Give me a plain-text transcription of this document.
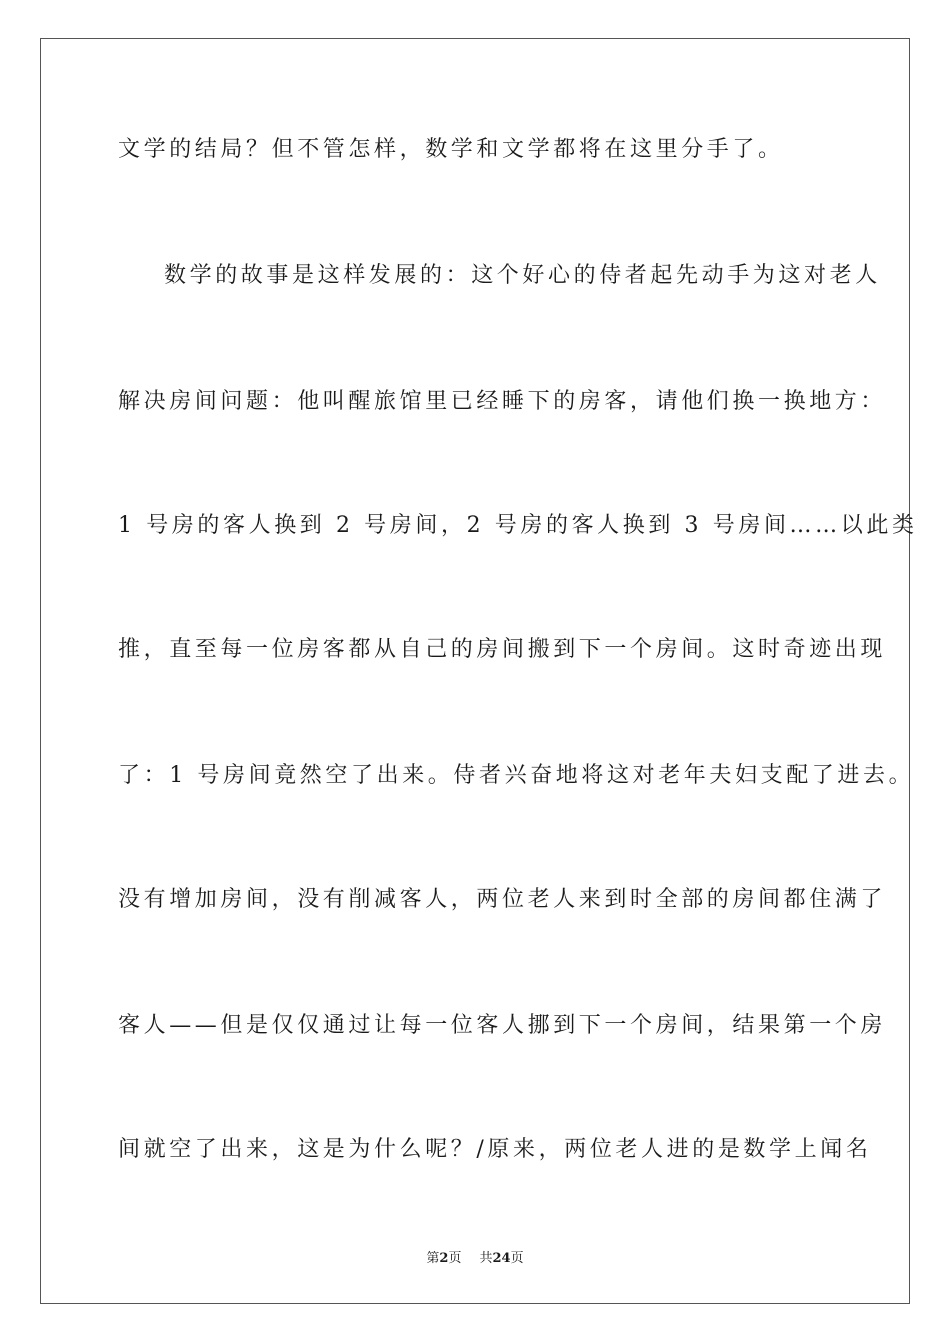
文学的结局？但不管怎样，数学和文学都将在这里分手了。
数学的故事是这样发展的：这个好心的侍者起先动手为这对老人
解决房间问题：他叫醒旅馆里已经睡下的房客，请他们换一换地方：
1 号房的客人换到 2 号房间，2 号房的客人换到 3 号房间……以此类
推，直至每一位房客都从自己的房间搬到下一个房间。这时奇迹出现
了：1 号房间竟然空了出来。侍者兴奋地将这对老年夫妇支配了进去。
没有增加房间，没有削减客人，两位老人来到时全部的房间都住满了
客人——但是仅仅通过让每一位客人挪到下一个房间，结果第一个房
间就空了出来，这是为什么呢？/原来，两位老人进的是数学上闻名
第2页 共24页
